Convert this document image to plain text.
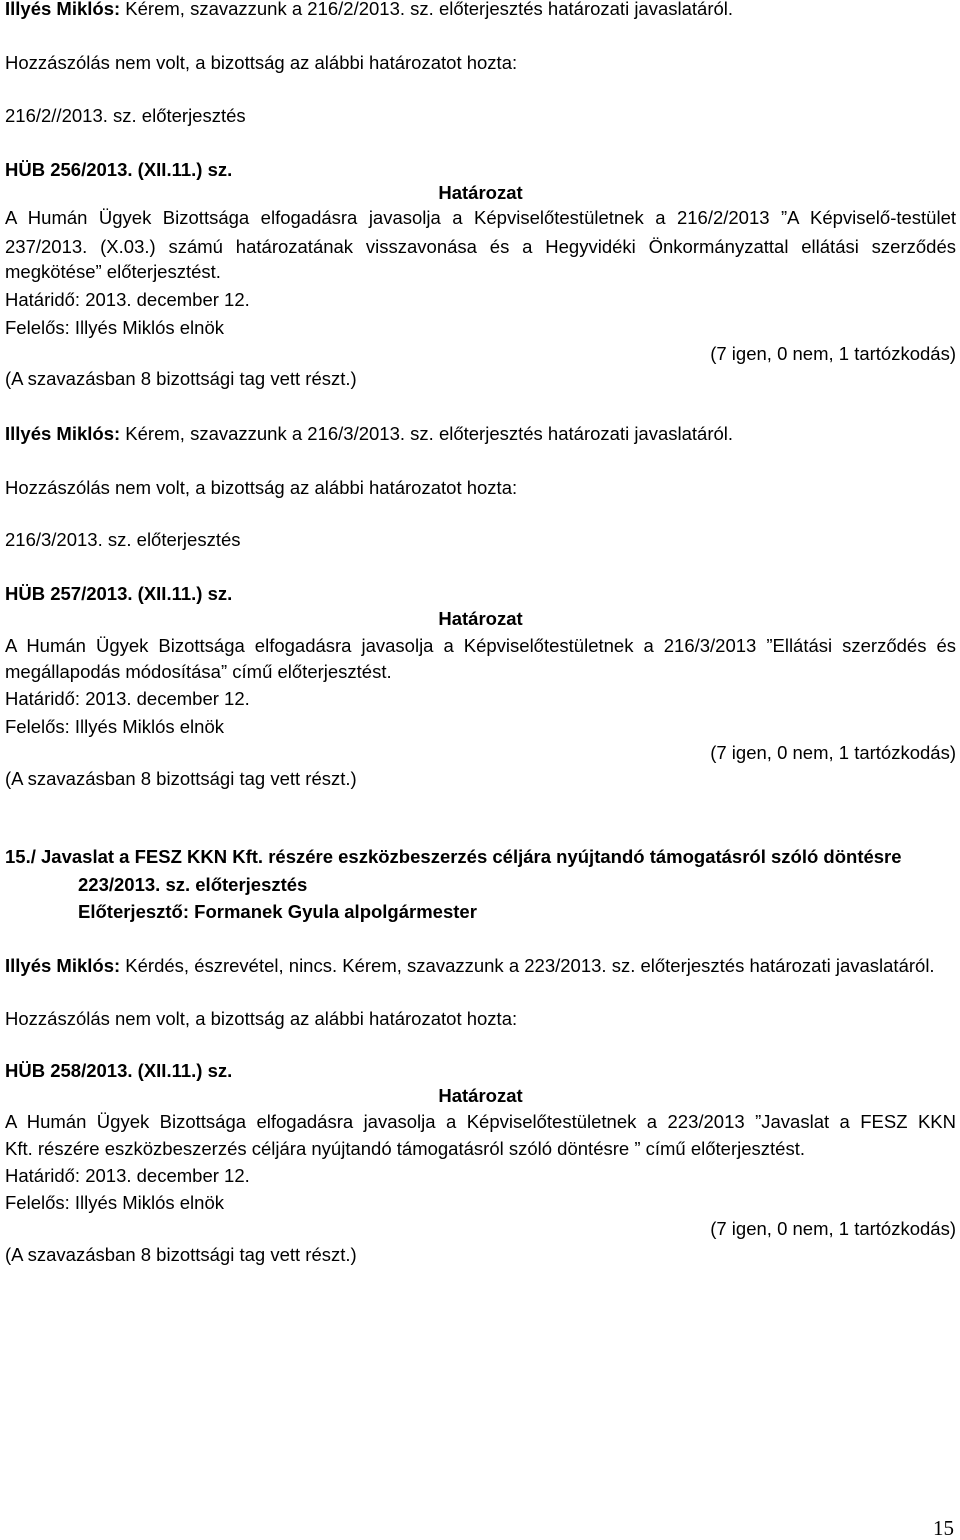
Illyés Miklós: Kérem, szavazzunk a 216/2/2013. sz. előterjesztés határozati javaslatáról.
Hozzászólás nem volt, a bizottság az alábbi határozatot hozta:
216/2//2013. sz. előterjesztés
HÜB 256/2013. (XII.11.) sz.
Határozat
A Humán Ügyek Bizottsága elfogadásra javasolja a Képviselőtestületnek a 216/2/2013 ”A Képviselő-testület
237/2013. (X.03.) számú határozatának visszavonása és a Hegyvidéki Önkormányzattal ellátási szerződés
megkötése” előterjesztést.
Határidő: 2013. december 12.
Felelős: Illyés Miklós elnök
(7 igen, 0 nem, 1 tartózkodás)
(A szavazásban 8 bizottsági tag vett részt.)
Illyés Miklós: Kérem, szavazzunk a 216/3/2013. sz. előterjesztés határozati javaslatáról.
Hozzászólás nem volt, a bizottság az alábbi határozatot hozta:
216/3/2013. sz. előterjesztés
HÜB 257/2013. (XII.11.) sz.
Határozat
A Humán Ügyek Bizottsága elfogadásra javasolja a Képviselőtestületnek a 216/3/2013 ”Ellátási szerződés és
megállapodás módosítása” című előterjesztést.
Határidő: 2013. december 12.
Felelős: Illyés Miklós elnök
(7 igen, 0 nem, 1 tartózkodás)
(A szavazásban 8 bizottsági tag vett részt.)
15./ Javaslat a FESZ KKN Kft. részére eszközbeszerzés céljára nyújtandó támogatásról szóló döntésre
223/2013. sz. előterjesztés
Előterjesztő: Formanek Gyula alpolgármester
Illyés Miklós: Kérdés, észrevétel, nincs. Kérem, szavazzunk a 223/2013. sz. előterjesztés határozati javaslatáról.
Hozzászólás nem volt, a bizottság az alábbi határozatot hozta:
HÜB 258/2013. (XII.11.) sz.
Határozat
A Humán Ügyek Bizottsága elfogadásra javasolja a Képviselőtestületnek a 223/2013 ”Javaslat a FESZ KKN
Kft. részére eszközbeszerzés céljára nyújtandó támogatásról szóló döntésre ” című előterjesztést.
Határidő: 2013. december 12.
Felelős: Illyés Miklós elnök
(7 igen, 0 nem, 1 tartózkodás)
(A szavazásban 8 bizottsági tag vett részt.)
15
